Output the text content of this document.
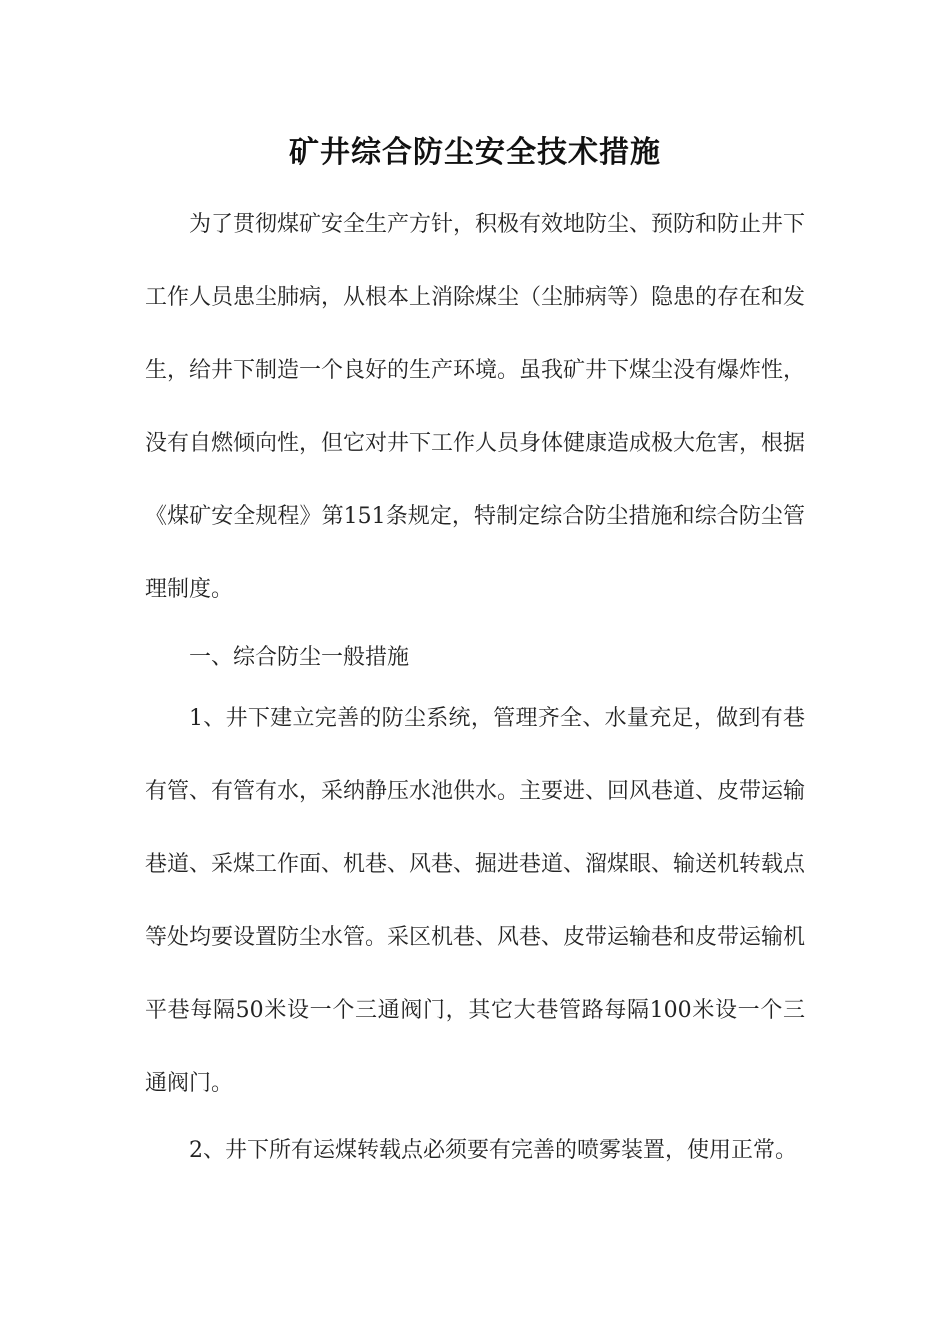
矿井综合防尘安全技术措施

为了贯彻煤矿安全生产方针，积极有效地防尘、预防和防止井下工作人员患尘肺病，从根本上消除煤尘（尘肺病等）隐患的存在和发生，给井下制造一个良好的生产环境。虽我矿井下煤尘没有爆炸性，没有自燃倾向性，但它对井下工作人员身体健康造成极大危害，根据《煤矿安全规程》第151条规定，特制定综合防尘措施和综合防尘管理制度。

一、综合防尘一般措施

1、井下建立完善的防尘系统，管理齐全、水量充足，做到有巷有管、有管有水，采纳静压水池供水。主要进、回风巷道、皮带运输巷道、采煤工作面、机巷、风巷、掘进巷道、溜煤眼、输送机转载点等处均要设置防尘水管。采区机巷、风巷、皮带运输巷和皮带运输机平巷每隔50米设一个三通阀门，其它大巷管路每隔100米设一个三通阀门。

2、井下所有运煤转载点必须要有完善的喷雾装置，使用正常。
